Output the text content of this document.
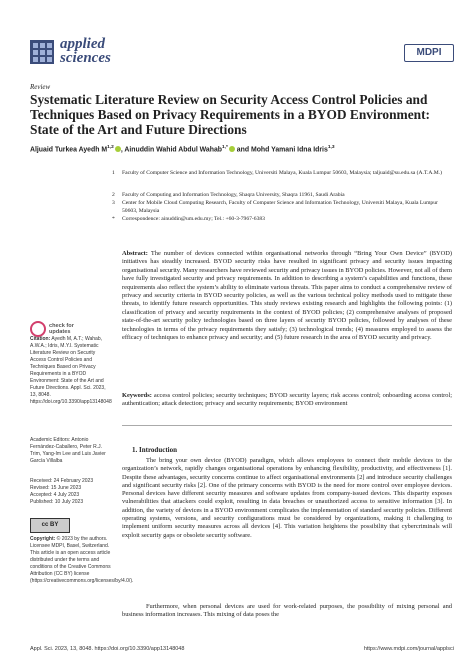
applied
sciences	MDPI
Review
Systematic Literature Review on Security Access Control Policies and Techniques Based on Privacy Requirements in a BYOD Environment: State of the Art and Future Directions
Aljuaid Turkea Ayedh M$^{1,2}$ , Ainuddin Wahid Abdul Wahab$^{1,*}$ and Mohd Yamani Idna Idris$^{1,3}$
1 Faculty of Computer Science and Information Technology, Universiti Malaya, Kuala Lumpur 50603, Malaysia; taljuaid@su.edu.sa (A.T.A.M.)
2 Faculty of Computing and Information Technology, Shaqra University, Shaqra 11961, Saudi Arabia
3 Center for Mobile Cloud Computing Research, Faculty of Computer Science and Information Technology, Universiti Malaya, Kuala Lumpur 50603, Malaysia
* Correspondence: ainuddin@um.edu.my; Tel.: +60-3-7967-6383
Abstract: The number of devices connected within organisational networks through “Bring Your Own Device” (BYOD) initiatives has steadily increased. BYOD security risks have resulted in significant privacy and security issues impacting organisational security. Many researchers have reviewed security and privacy issues in BYOD policies. However, not all of them have fully investigated security and privacy requirements. In addition to describing a system’s capabilities and functions, these requirements also reflect the system’s ability to eliminate various threats. This paper aims to conduct a comprehensive review of privacy and security criteria in BYOD security policies, as well as the various technical policy methods used to mitigate these threats, to identify future research opportunities. This study reviews existing research and highlights the following points: (1) classification of privacy and security requirements in the context of BYOD policies; (2) comprehensive analyses of proposed state-of-the-art security policy technologies based on three layers of security BYOD policies, followed by analyses of these technologies in terms of the privacy requirements they satisfy; (3) technological trends; (4) measures employed to assess the efficacy of techniques to enhance privacy and security; and (5) future research in the area of BYOD security and privacy.
Keywords: access control policies; security techniques; BYOD security layers; risk access control; onboarding access control; authentication; attack detection; privacy and security requirements; BYOD environment
1. Introduction
The bring your own device (BYOD) paradigm, which allows employees to connect their mobile devices to the organization’s network, rapidly changes organisational operations by enhancing flexibility, productivity, and effectiveness [1]. Despite these advantages, security concerns continue to affect organisational environments [2] and introduce security challenges and significant security risks [2]. One of the primary concerns with BYOD is the need for more control over employee devices. Personal devices have different security measures and software updates from company-issued devices. This disparity exposes vulnerabilities that attackers could exploit, resulting in data breaches or unauthorized access to sensitive information [3]. In addition, the variety of devices in a BYOD environment complicates the implementation of standard security policies. Different operating systems, versions, and security configurations must be considered by organizations, making it challenging to implement uniform security measures across all devices [4]. This variation heightens the possibility that cybercriminals will exploit security gaps or obsolete security software.
Furthermore, when personal devices are used for work-related purposes, the possibility of mixing personal and business information increases. This mixing of data poses the
check for
updates
Citation: Ayedh M, A.T.; Wahab, A.W.A.; Idris, M.Y.I. Systematic Literature Review on Security Access Control Policies and Techniques Based on Privacy Requirements in a BYOD Environment: State of the Art and Future Directions. Appl. Sci. 2023, 13, 8048. https://doi.org/10.3390/app13148048
Academic Editors: Antonio Fernández-Caballero, Peter R.J. Trim, Yang-Im Lee and Luis Javier García Villalba
Received: 24 February 2023
Revised: 15 June 2023
Accepted: 4 July 2023
Published: 10 July 2023
cc BY
Copyright: © 2023 by the authors. Licensee MDPI, Basel, Switzerland. This article is an open access article distributed under the terms and conditions of the Creative Commons Attribution (CC BY) license (https://creativecommons.org/licenses/by/4.0/).
Appl. Sci. 2023, 13, 8048. https://doi.org/10.3390/app13148048	https://www.mdpi.com/journal/applsci
